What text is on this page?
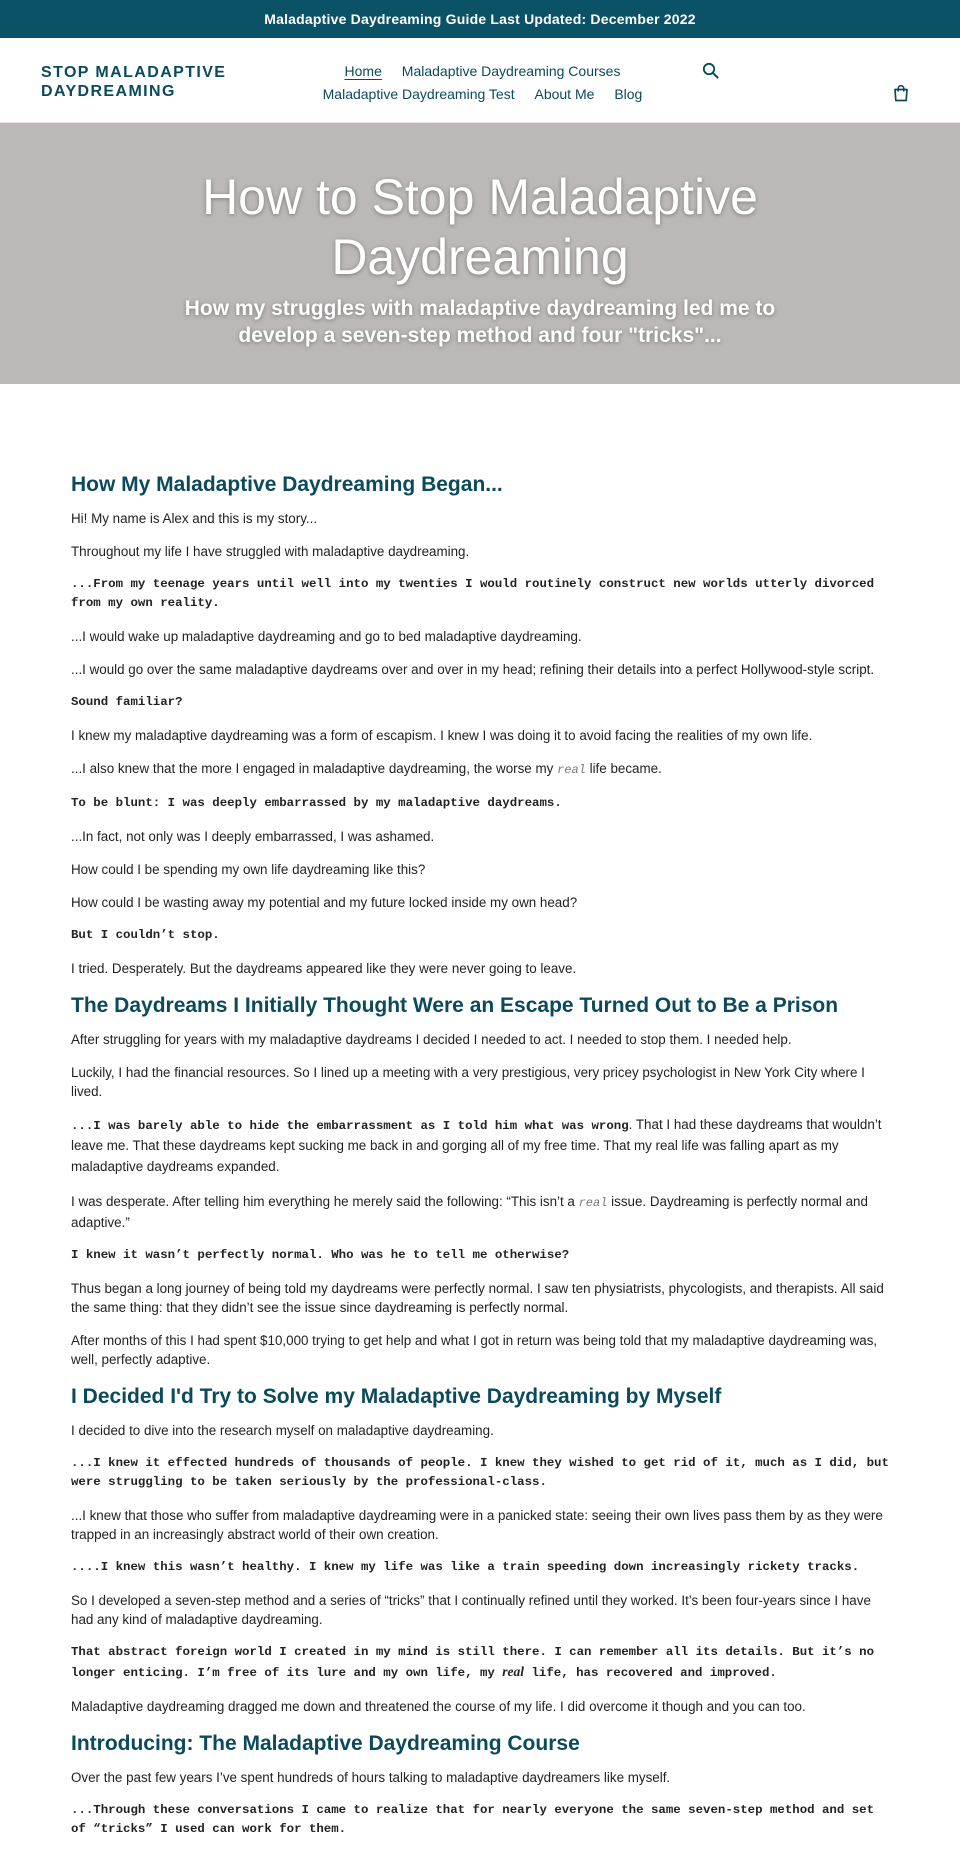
Maladaptive Daydreaming Guide Last Updated: December 2022
STOP MALADAPTIVE DAYDREAMING
Home Maladaptive Daydreaming Courses
Maladaptive Daydreaming Test About Me Blog
How to Stop Maladaptive Daydreaming

How my struggles with maladaptive daydreaming led me to develop a seven-step method and four "tricks"...

How My Maladaptive Daydreaming Began...

Hi! My name is Alex and this is my story...

Throughout my life I have struggled with maladaptive daydreaming.

...From my teenage years until well into my twenties I would routinely construct new worlds utterly divorced from my own reality.

...I would wake up maladaptive daydreaming and go to bed maladaptive daydreaming.

...I would go over the same maladaptive daydreams over and over in my head; refining their details into a perfect Hollywood-style script.

Sound familiar?

I knew my maladaptive daydreaming was a form of escapism. I knew I was doing it to avoid facing the realities of my own life.

...I also knew that the more I engaged in maladaptive daydreaming, the worse my real life became.

To be blunt: I was deeply embarrassed by my maladaptive daydreams.

...In fact, not only was I deeply embarrassed, I was ashamed.

How could I be spending my own life daydreaming like this?

How could I be wasting away my potential and my future locked inside my own head?

But I couldn’t stop.

I tried. Desperately. But the daydreams appeared like they were never going to leave.

The Daydreams I Initially Thought Were an Escape Turned Out to Be a Prison

After struggling for years with my maladaptive daydreams I decided I needed to act. I needed to stop them. I needed help.

Luckily, I had the financial resources. So I lined up a meeting with a very prestigious, very pricey psychologist in New York City where I lived.

...I was barely able to hide the embarrassment as I told him what was wrong. That I had these daydreams that wouldn’t leave me. That these daydreams kept sucking me back in and gorging all of my free time. That my real life was falling apart as my maladaptive daydreams expanded.

I was desperate. After telling him everything he merely said the following: “This isn’t a real issue. Daydreaming is perfectly normal and adaptive.”

I knew it wasn’t perfectly normal. Who was he to tell me otherwise?

Thus began a long journey of being told my daydreams were perfectly normal. I saw ten physiatrists, phycologists, and therapists. All said the same thing: that they didn’t see the issue since daydreaming is perfectly normal.

After months of this I had spent $10,000 trying to get help and what I got in return was being told that my maladaptive daydreaming was, well, perfectly adaptive.

I Decided I'd Try to Solve my Maladaptive Daydreaming by Myself

I decided to dive into the research myself on maladaptive daydreaming.

...I knew it effected hundreds of thousands of people. I knew they wished to get rid of it, much as I did, but were struggling to be taken seriously by the professional-class.

...I knew that those who suffer from maladaptive daydreaming were in a panicked state: seeing their own lives pass them by as they were trapped in an increasingly abstract world of their own creation.

....I knew this wasn’t healthy. I knew my life was like a train speeding down increasingly rickety tracks.

So I developed a seven-step method and a series of “tricks” that I continually refined until they worked. It’s been four-years since I have had any kind of maladaptive daydreaming.

That abstract foreign world I created in my mind is still there. I can remember all its details. But it’s no longer enticing. I’m free of its lure and my own life, my real life, has recovered and improved.

Maladaptive daydreaming dragged me down and threatened the course of my life. I did overcome it though and you can too.

Introducing: The Maladaptive Daydreaming Course

Over the past few years I’ve spent hundreds of hours talking to maladaptive daydreamers like myself.

...Through these conversations I came to realize that for nearly everyone the same seven-step method and set of “tricks” I used can work for them.
